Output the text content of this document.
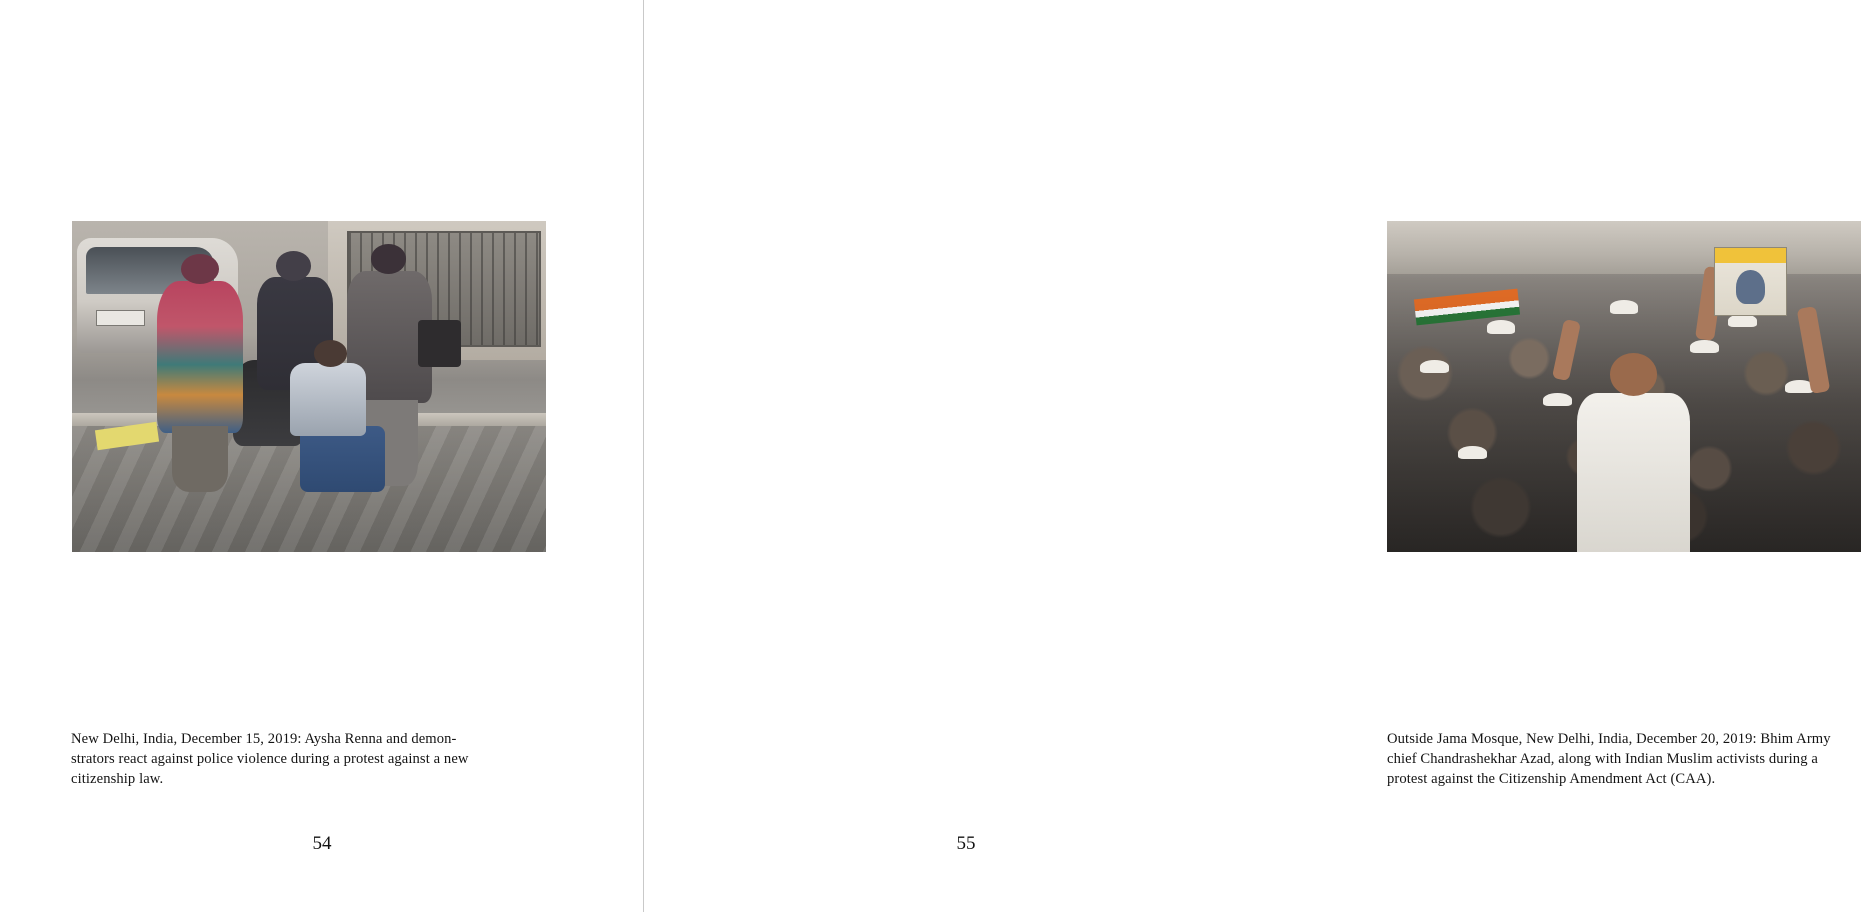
New Delhi, India, December 15, 2019: Aysha Renna and demon-
strators react against police violence during a protest against a new
citizenship law.
54
Outside Jama Mosque, New Delhi, India, December 20, 2019: Bhim Army
chief Chandrashekhar Azad, along with Indian Muslim activists during a
protest against the Citizenship Amendment Act (CAA).
55
